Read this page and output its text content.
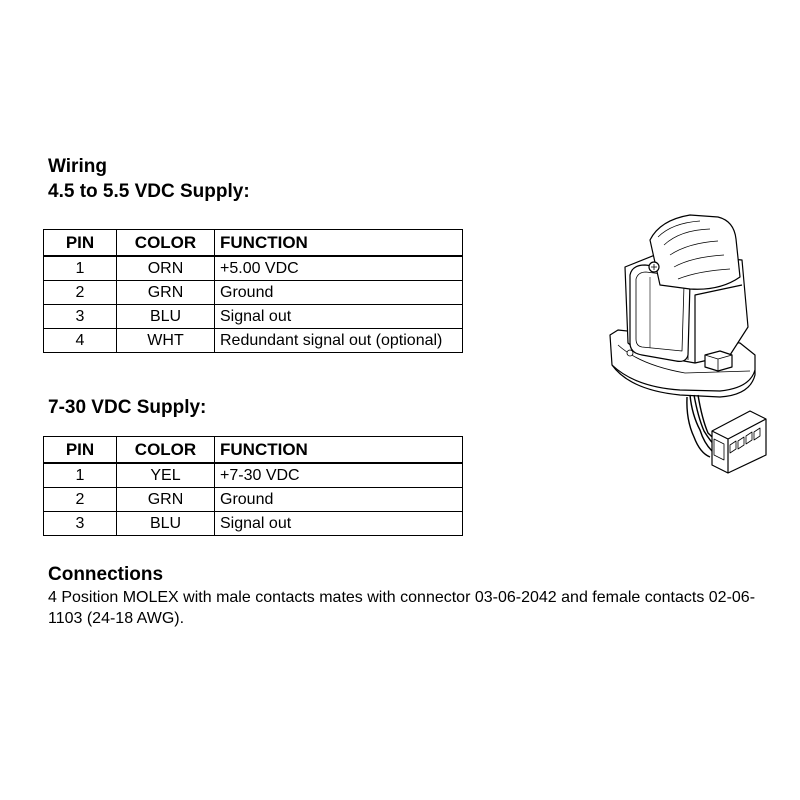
Wiring
4.5 to 5.5 VDC Supply:
PIN	COLOR	FUNCTION
1	ORN	+5.00 VDC
2	GRN	Ground
3	BLU	Signal out
4	WHT	Redundant signal out (optional)
7-30 VDC Supply:
PIN	COLOR	FUNCTION
1	YEL	+7-30 VDC
2	GRN	Ground
3	BLU	Signal out
Connections
4 Position MOLEX with male contacts mates with connector 03-06-2042 and female contacts 02-06-1103 (24-18 AWG).
